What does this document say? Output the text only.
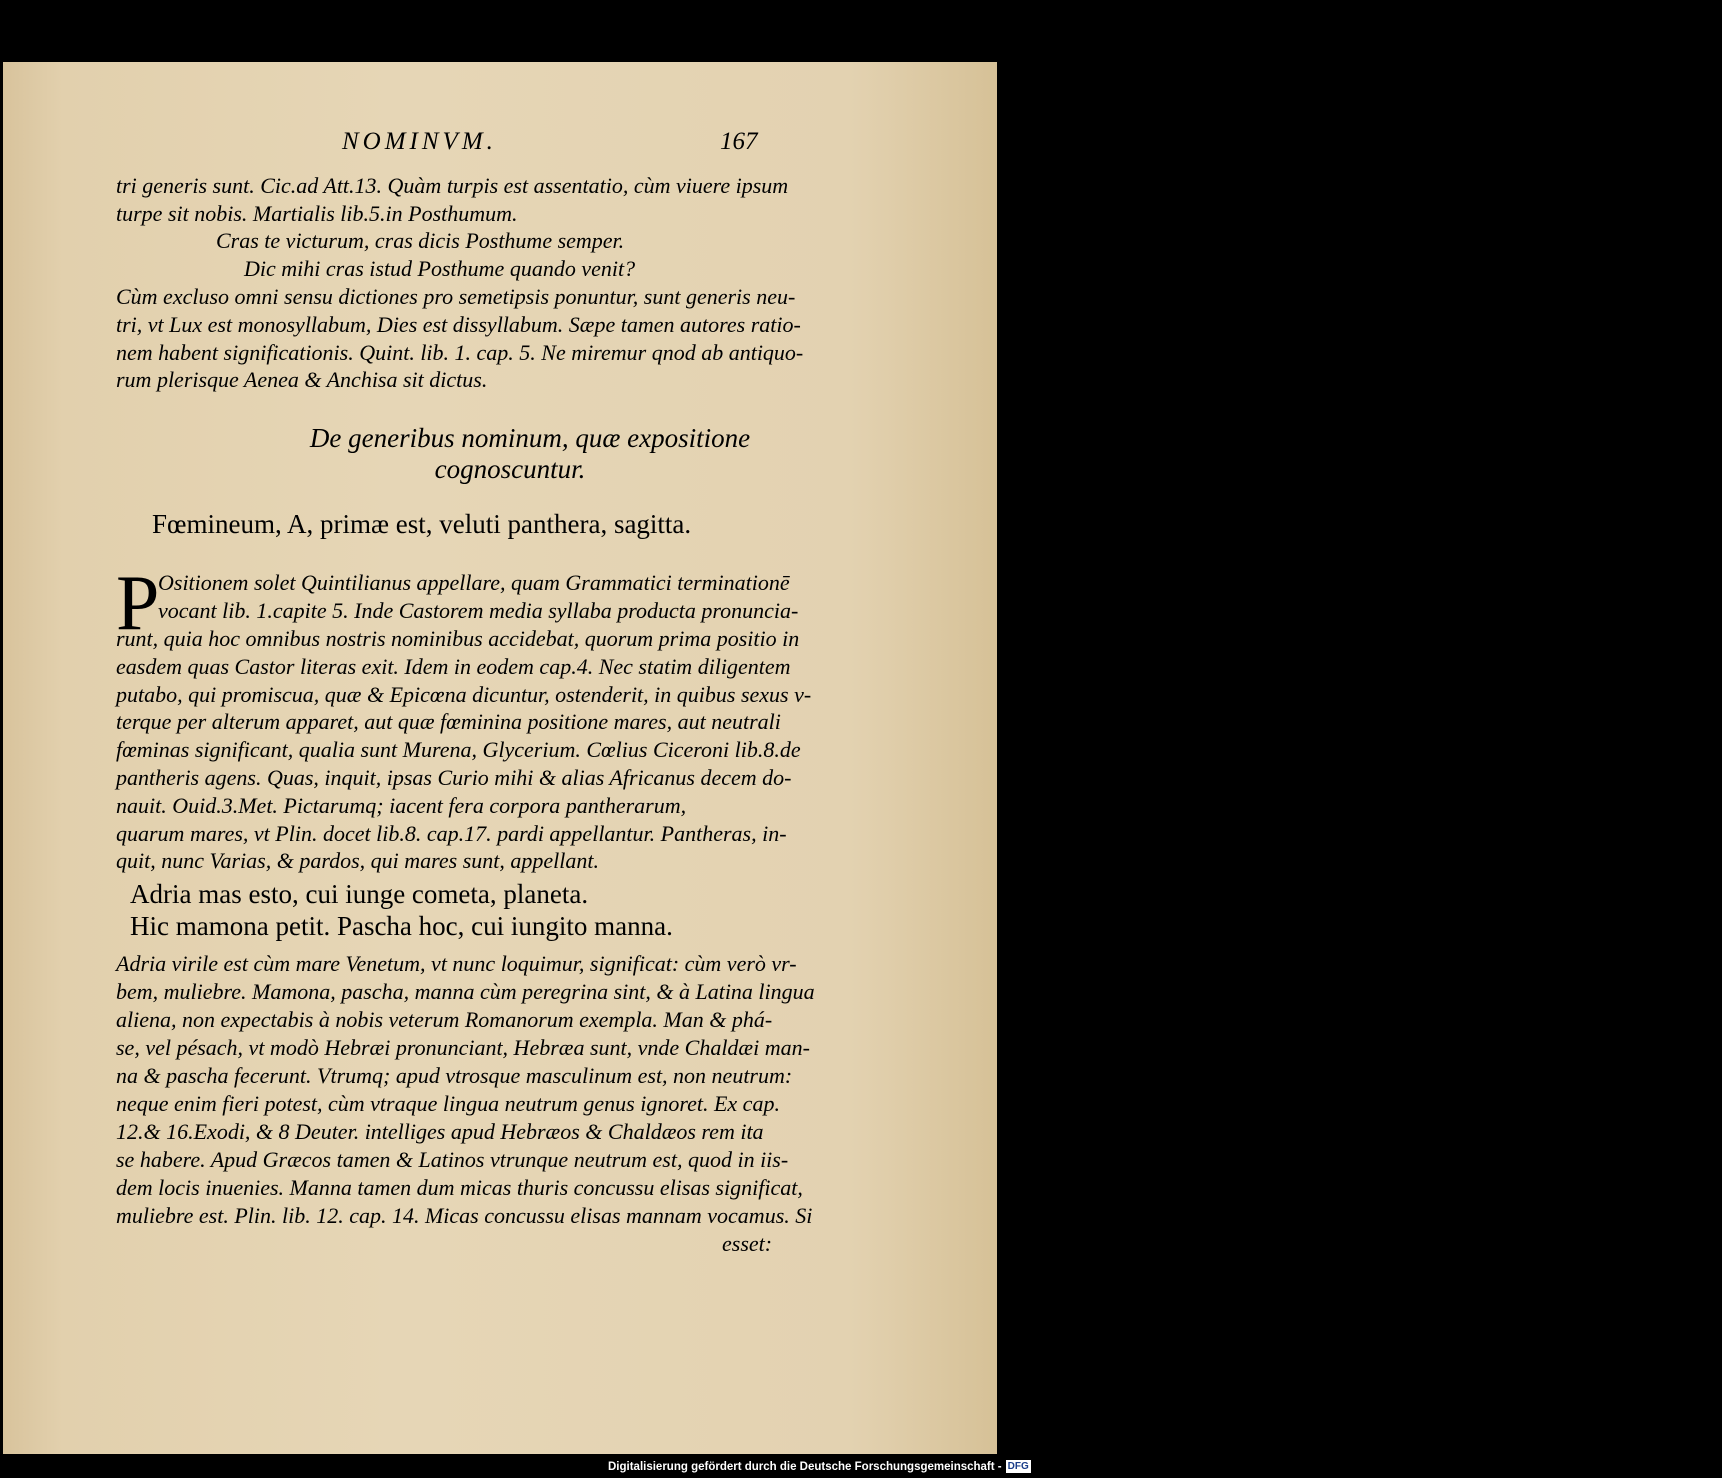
NOMINVM.	167
tri generis sunt. Cic.ad Att.13. Quàm turpis est assentatio, cùm viuere ipsum
turpe sit nobis. Martialis lib.5.in Posthumum.
Cras te victurum, cras dicis Posthume semper.
Dic mihi cras istud Posthume quando venit?
Cùm excluso omni sensu dictiones pro semetipsis ponuntur, sunt generis neu-
tri, vt Lux est monosyllabum, Dies est dissyllabum. Sæpe tamen autores ratio-
nem habent significationis. Quint. lib. 1. cap. 5. Ne miremur qnod ab antiquo-
rum plerisque Aenea & Anchisa sit dictus.
De generibus nominum, quæ expositione
cognoscuntur.
Fœmineum, A, primæ est, veluti panthera, sagitta.
P
Ositionem solet Quintilianus appellare, quam Grammatici terminationē
vocant lib. 1.capite 5. Inde Castorem media syllaba producta pronuncia-
runt, quia hoc omnibus nostris nominibus accidebat, quorum prima positio in
easdem quas Castor literas exit. Idem in eodem cap.4. Nec statim diligentem
putabo, qui promiscua, quæ & Epicœna dicuntur, ostenderit, in quibus sexus v-
terque per alterum apparet, aut quæ fœminina positione mares, aut neutrali
fœminas significant, qualia sunt Murena, Glycerium. Cœlius Ciceroni lib.8.de
pantheris agens. Quas, inquit, ipsas Curio mihi & alias Africanus decem do-
nauit. Ouid.3.Met. Pictarumq; iacent fera corpora pantherarum,
quarum mares, vt Plin. docet lib.8. cap.17. pardi appellantur. Pantheras, in-
quit, nunc Varias, & pardos, qui mares sunt, appellant.
Adria mas esto, cui iunge cometa, planeta.
Hic mamona petit. Pascha hoc, cui iungito manna.
Adria virile est cùm mare Venetum, vt nunc loquimur, significat: cùm verò vr-
bem, muliebre. Mamona, pascha, manna cùm peregrina sint, & à Latina lingua
aliena, non expectabis à nobis veterum Romanorum exempla. Man & phá-
se, vel pésach, vt modò Hebræi pronunciant, Hebræa sunt, vnde Chaldæi man-
na & pascha fecerunt. Vtrumq; apud vtrosque masculinum est, non neutrum:
neque enim fieri potest, cùm vtraque lingua neutrum genus ignoret. Ex cap.
12.& 16.Exodi, & 8 Deuter. intelliges apud Hebræos & Chaldæos rem ita
se habere. Apud Græcos tamen & Latinos vtrunque neutrum est, quod in iis-
dem locis inuenies. Manna tamen dum micas thuris concussu elisas significat,
muliebre est. Plin. lib. 12. cap. 14. Micas concussu elisas mannam vocamus. Si
esset:
Digitalisierung gefördert durch die Deutsche Forschungsgemeinschaft - DFG
